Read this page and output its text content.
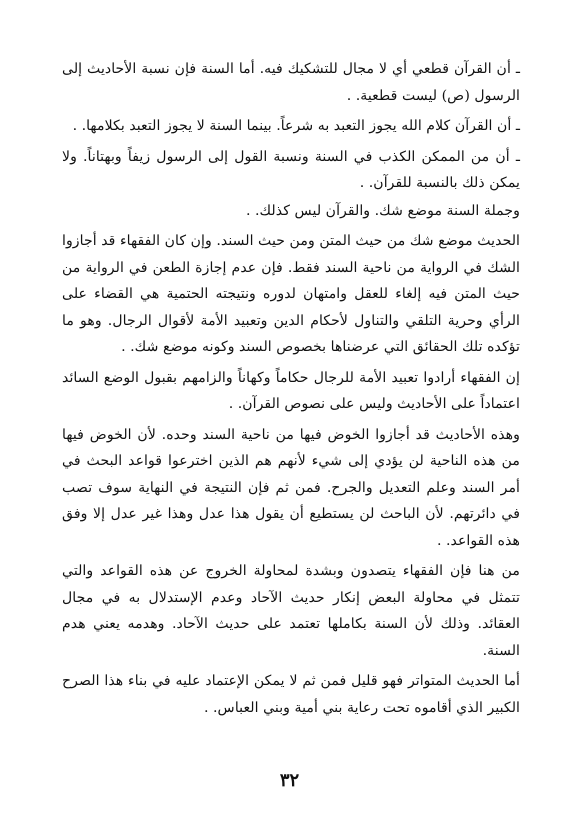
ـ أن القرآن قطعي أي لا مجال للتشكيك فيه. أما السنة فإن نسبة الأحاديث إلى الرسول (ص) ليست قطعية. .

ـ أن القرآن كلام الله يجوز التعبد به شرعاً. بينما السنة لا يجوز التعبد بكلامها. .

ـ أن من الممكن الكذب في السنة ونسبة القول إلى الرسول زيفاً وبهتاناً. ولا يمكن ذلك بالنسبة للقرآن. .

وجملة السنة موضع شك. والقرآن ليس كذلك. .

الحديث موضع شك من حيث المتن ومن حيث السند. وإن كان الفقهاء قد أجازوا الشك في الرواية من ناحية السند فقط. فإن عدم إجازة الطعن في الرواية من حيث المتن فيه إلغاء للعقل وامتهان لدوره ونتيجته الحتمية هي القضاء على الرأي وحرية التلقي والتناول لأحكام الدين وتعبيد الأمة لأقوال الرجال. وهو ما تؤكده تلك الحقائق التي عرضناها بخصوص السند وكونه موضع شك. .

إن الفقهاء أرادوا تعبيد الأمة للرجال حكاماً وكهاناً والزامهم بقبول الوضع السائد اعتماداً على الأحاديث وليس على نصوص القرآن. .

وهذه الأحاديث قد أجازوا الخوض فيها من ناحية السند وحده. لأن الخوض فيها من هذه الناحية لن يؤدي إلى شيء لأنهم هم الذين اخترعوا قواعد البحث في أمر السند وعلم التعديل والجرح. فمن ثم فإن النتيجة في النهاية سوف تصب في دائرتهم. لأن الباحث لن يستطيع أن يقول هذا عدل وهذا غير عدل إلا وفق هذه القواعد. .

من هنا فإن الفقهاء يتصدون وبشدة لمحاولة الخروج عن هذه القواعد والتي تتمثل في محاولة البعض إنكار حديث الآحاد وعدم الإستدلال به في مجال العقائد. وذلك لأن السنة بكاملها تعتمد على حديث الآحاد. وهدمه يعني هدم السنة.

أما الحديث المتواتر فهو قليل فمن ثم لا يمكن الإعتماد عليه في بناء هذا الصرح الكبير الذي أقاموه تحت رعاية بني أمية وبني العباس. .

٣٢
